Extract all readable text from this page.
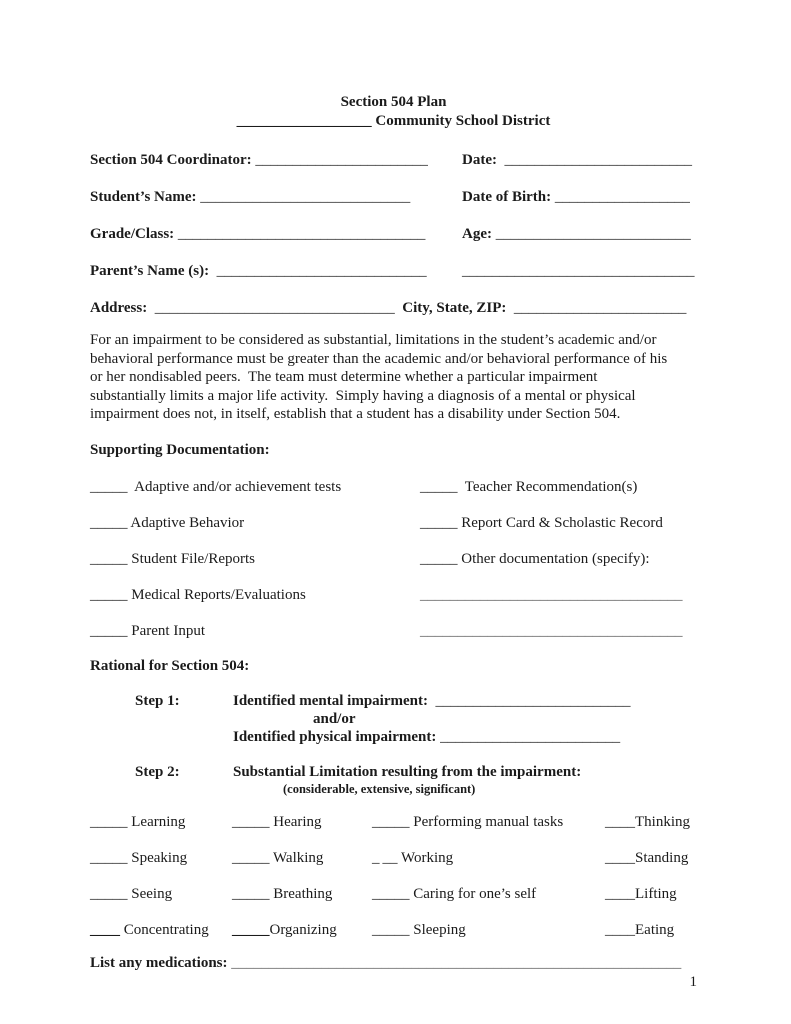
Section 504 Plan
__________________ Community School District
Section 504 Coordinator: _______________________	Date:  _________________________
Student’s Name: ____________________________	Date of Birth: __________________
Grade/Class: _________________________________	Age: __________________________
Parent’s Name (s):  ____________________________	_______________________________
Address: ________________________________ City, State, ZIP: _______________________
For an impairment to be considered as substantial, limitations in the student’s academic and/or
behavioral performance must be greater than the academic and/or behavioral performance of his
or her nondisabled peers.  The team must determine whether a particular impairment
substantially limits a major life activity.  Simply having a diagnosis of a mental or physical
impairment does not, in itself, establish that a student has a disability under Section 504.
Supporting Documentation:
_____  Adaptive and/or achievement tests	_____  Teacher Recommendation(s)
_____ Adaptive Behavior	_____ Report Card & Scholastic Record
_____ Student File/Reports	_____ Other documentation (specify):
_____ Medical Reports/Evaluations	___________________________________
_____ Parent Input	___________________________________
Rational for Section 504:
Step 1:	Identified mental impairment:  __________________________
and/or
Identified physical impairment: ________________________
Step 2:	Substantial Limitation resulting from the impairment:
(considerable, extensive, significant)
_____ Learning	_____ Hearing	_____ Performing manual tasks	____Thinking
_____ Speaking	_____ Walking	_ __ Working	____Standing
_____ Seeing	_____ Breathing	_____ Caring for one’s self	____Lifting
____ Concentrating	_____Organizing	_____ Sleeping	____Eating
List any medications: ____________________________________________________________
1
